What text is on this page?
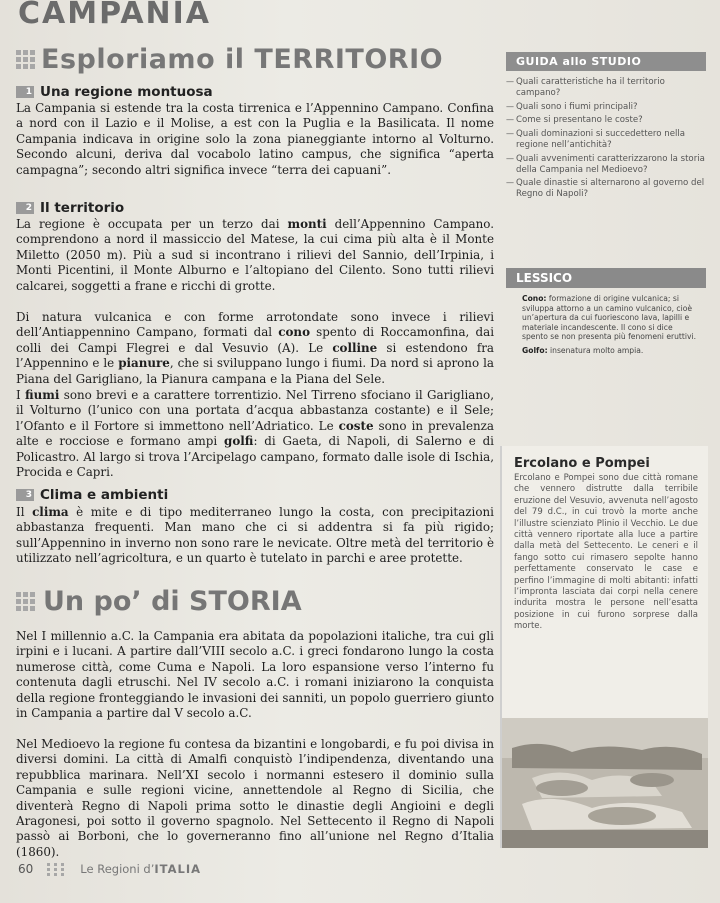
CAMPANIA
Esploriamo il TERRITORIO
1 Una regione montuosa

La Campania si estende tra la costa tirrenica e l’Appennino Campano. Confina a nord con il Lazio e il Molise, a est con la Puglia e la Basilicata. Il nome Campania indicava in origine solo la zona pianeggiante intorno al Volturno. Secondo alcuni, deriva dal vocabolo latino campus, che significa “aperta campagna”; secondo altri significa invece “terra dei capuani”.

2 Il territorio

La regione è occupata per un terzo dai monti dell’Appennino Campano. comprendono a nord il massiccio del Matese, la cui cima più alta è il Monte Miletto (2050 m). Più a sud si incontrano i rilievi del Sannio, dell’Irpinia, i Monti Picentini, il Monte Alburno e l’altopiano del Cilento. Sono tutti rilievi calcarei, soggetti a frane e ricchi di grotte.

Di natura vulcanica e con forme arrotondate sono invece i rilievi dell’Antiappennino Campano, formati dal cono spento di Roccamonfina, dai colli dei Campi Flegrei e dal Vesuvio (A). Le colline si estendono fra l’Appennino e le pianure, che si sviluppano lungo i fiumi. Da nord si aprono la Piana del Garigliano, la Pianura campana e la Piana del Sele.

I fiumi sono brevi e a carattere torrentizio. Nel Tirreno sfociano il Garigliano, il Volturno (l’unico con una portata d’acqua abbastanza costante) e il Sele; l’Ofanto e il Fortore si immettono nell’Adriatico. Le coste sono in prevalenza alte e rocciose e formano ampi golfi: di Gaeta, di Napoli, di Salerno e di Policastro. Al largo si trova l’Arcipelago campano, formato dalle isole di Ischia, Procida e Capri.

3 Clima e ambienti

Il clima è mite e di tipo mediterraneo lungo la costa, con precipitazioni abbastanza frequenti. Man mano che ci si addentra si fa più rigido; sull’Appennino in inverno non sono rare le nevicate. Oltre metà del territorio è utilizzato nell’agricoltura, e un quarto è tutelato in parchi e aree protette.

Un po’ di STORIA

Nel I millennio a.C. la Campania era abitata da popolazioni italiche, tra cui gli irpini e i lucani. A partire dall’VIII secolo a.C. i greci fondarono lungo la costa numerose città, come Cuma e Napoli. La loro espansione verso l’interno fu contenuta dagli etruschi. Nel IV secolo a.C. i romani iniziarono la conquista della regione fronteggiando le invasioni dei sanniti, un popolo guerriero giunto in Campania a partire dal V secolo a.C.

Nel Medioevo la regione fu contesa da bizantini e longobardi, e fu poi divisa in diversi domini. La città di Amalfi conquistò l’indipendenza, diventando una repubblica marinara. Nell’XI secolo i normanni estesero il dominio sulla Campania e sulle regioni vicine, annettendole al Regno di Sicilia, che diventerà Regno di Napoli prima sotto le dinastie degli Angioini e degli Aragonesi, poi sotto il governo spagnolo. Nel Settecento il Regno di Napoli passò ai Borboni, che lo governeranno fino all’unione nel Regno d’Italia (1860).

GUIDA allo STUDIO
— Quali caratteristiche ha il territorio campano?
— Quali sono i fiumi principali?
— Come si presentano le coste?
— Quali dominazioni si succedettero nella regione nell’antichità?
— Quali avvenimenti caratterizzarono la storia della Campania nel Medioevo?
— Quale dinastie si alternarono al governo del Regno di Napoli?
LESSICO

Cono: formazione di origine vulcanica; si sviluppa attorno a un camino vulcanico, cioè un’apertura da cui fuoriescono lava, lapilli e materiale incandescente. Il cono si dice spento se non presenta più fenomeni eruttivi.

Golfo: insenatura molto ampia.

Ercolano e Pompei
Ercolano e Pompei sono due città romane che vennero distrutte dalla terribile eruzione del Vesuvio, avvenuta nell’agosto del 79 d.C., in cui trovò la morte anche l’illustre scienziato Plinio il Vecchio. Le due città vennero riportate alla luce a partire dalla metà del Settecento. Le ceneri e il fango sotto cui rimasero sepolte hanno perfettamente conservato le case e perfino l’immagine di molti abitanti: infatti l’impronta lasciata dai corpi nella cenere indurita mostra le persone nell’esatta posizione in cui furono sorprese dalla morte.
60	Le Regioni d’ITALIA
